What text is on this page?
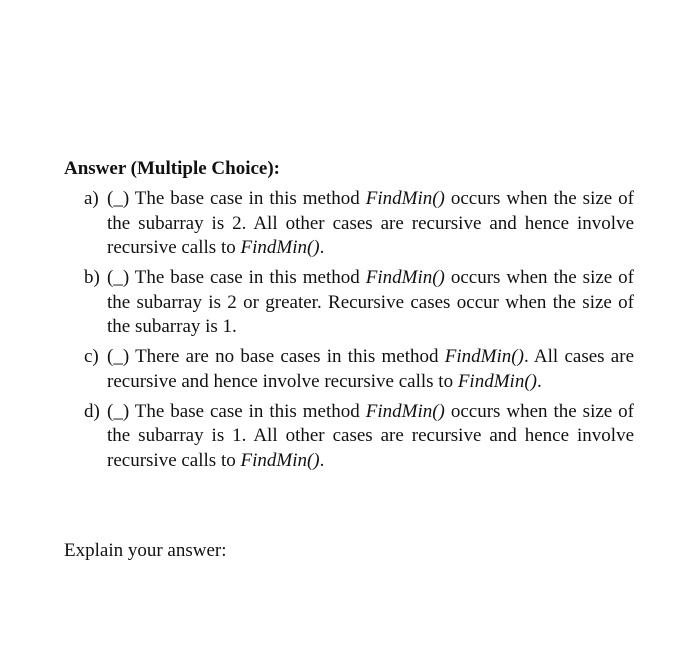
Answer (Multiple Choice):
a) (_) The base case in this method FindMin() occurs when the size of the subarray is 2. All other cases are recursive and hence involve recursive calls to FindMin().
b) (_) The base case in this method FindMin() occurs when the size of the subarray is 2 or greater. Recursive cases occur when the size of the subarray is 1.
c) (_) There are no base cases in this method FindMin(). All cases are recursive and hence involve recursive calls to FindMin().
d) (_) The base case in this method FindMin() occurs when the size of the subarray is 1. All other cases are recursive and hence involve recursive calls to FindMin().
Explain your answer:
